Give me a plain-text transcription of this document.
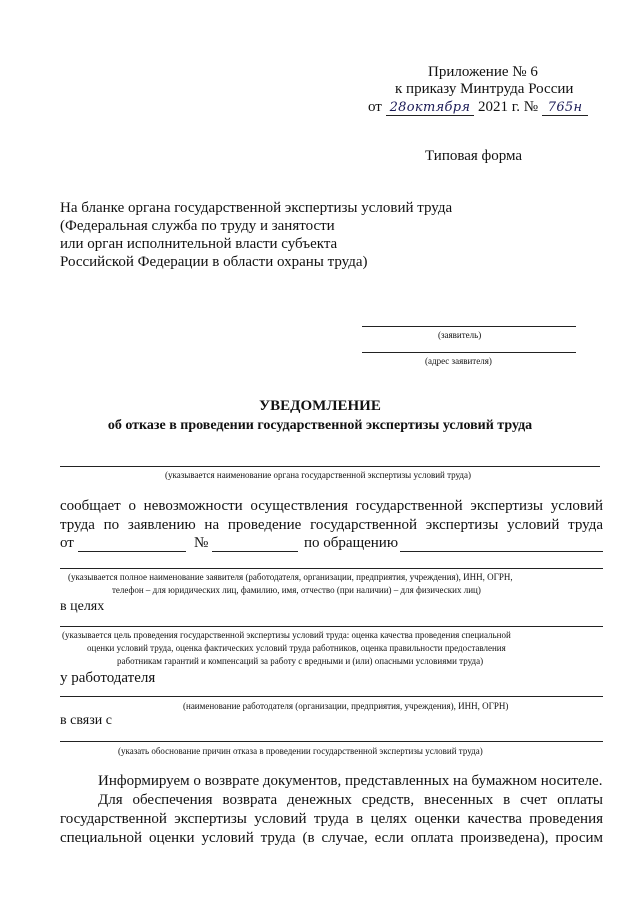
Приложение № 6
к приказу Минтруда России
от 28октября 2021 г. № 765н
Типовая форма
На бланке органа государственной экспертизы условий труда
(Федеральная служба по труду и занятости
или орган исполнительной власти субъекта
Российской Федерации в области охраны труда)
(заявитель)
(адрес заявителя)
УВЕДОМЛЕНИЕ
об отказе в проведении государственной экспертизы условий труда
(указывается наименование органа государственной экспертизы условий труда)
сообщает о невозможности осуществления государственной экспертизы условий
труда по заявлению на проведение государственной экспертизы условий труда
от	№	по обращению
(указывается полное наименование заявителя (работодателя, организации, предприятия, учреждения), ИНН, ОГРН,
телефон – для юридических лиц, фамилию, имя, отчество (при наличии) – для физических лиц)
в целях
(указывается цель проведения государственной экспертизы условий труда: оценка качества проведения специальной
оценки условий труда, оценка фактических условий труда работников, оценка правильности предоставления
работникам гарантий и компенсаций за работу с вредными и (или) опасными условиями труда)
у работодателя
(наименование работодателя (организации, предприятия, учреждения), ИНН, ОГРН)
в связи с
(указать обоснование причин отказа в проведении государственной экспертизы условий труда)
Информируем о возврате документов, представленных на бумажном носителе.
Для обеспечения возврата денежных средств, внесенных в счет оплаты
государственной экспертизы условий труда в целях оценки качества проведения
специальной оценки условий труда (в случае, если оплата произведена), просим
